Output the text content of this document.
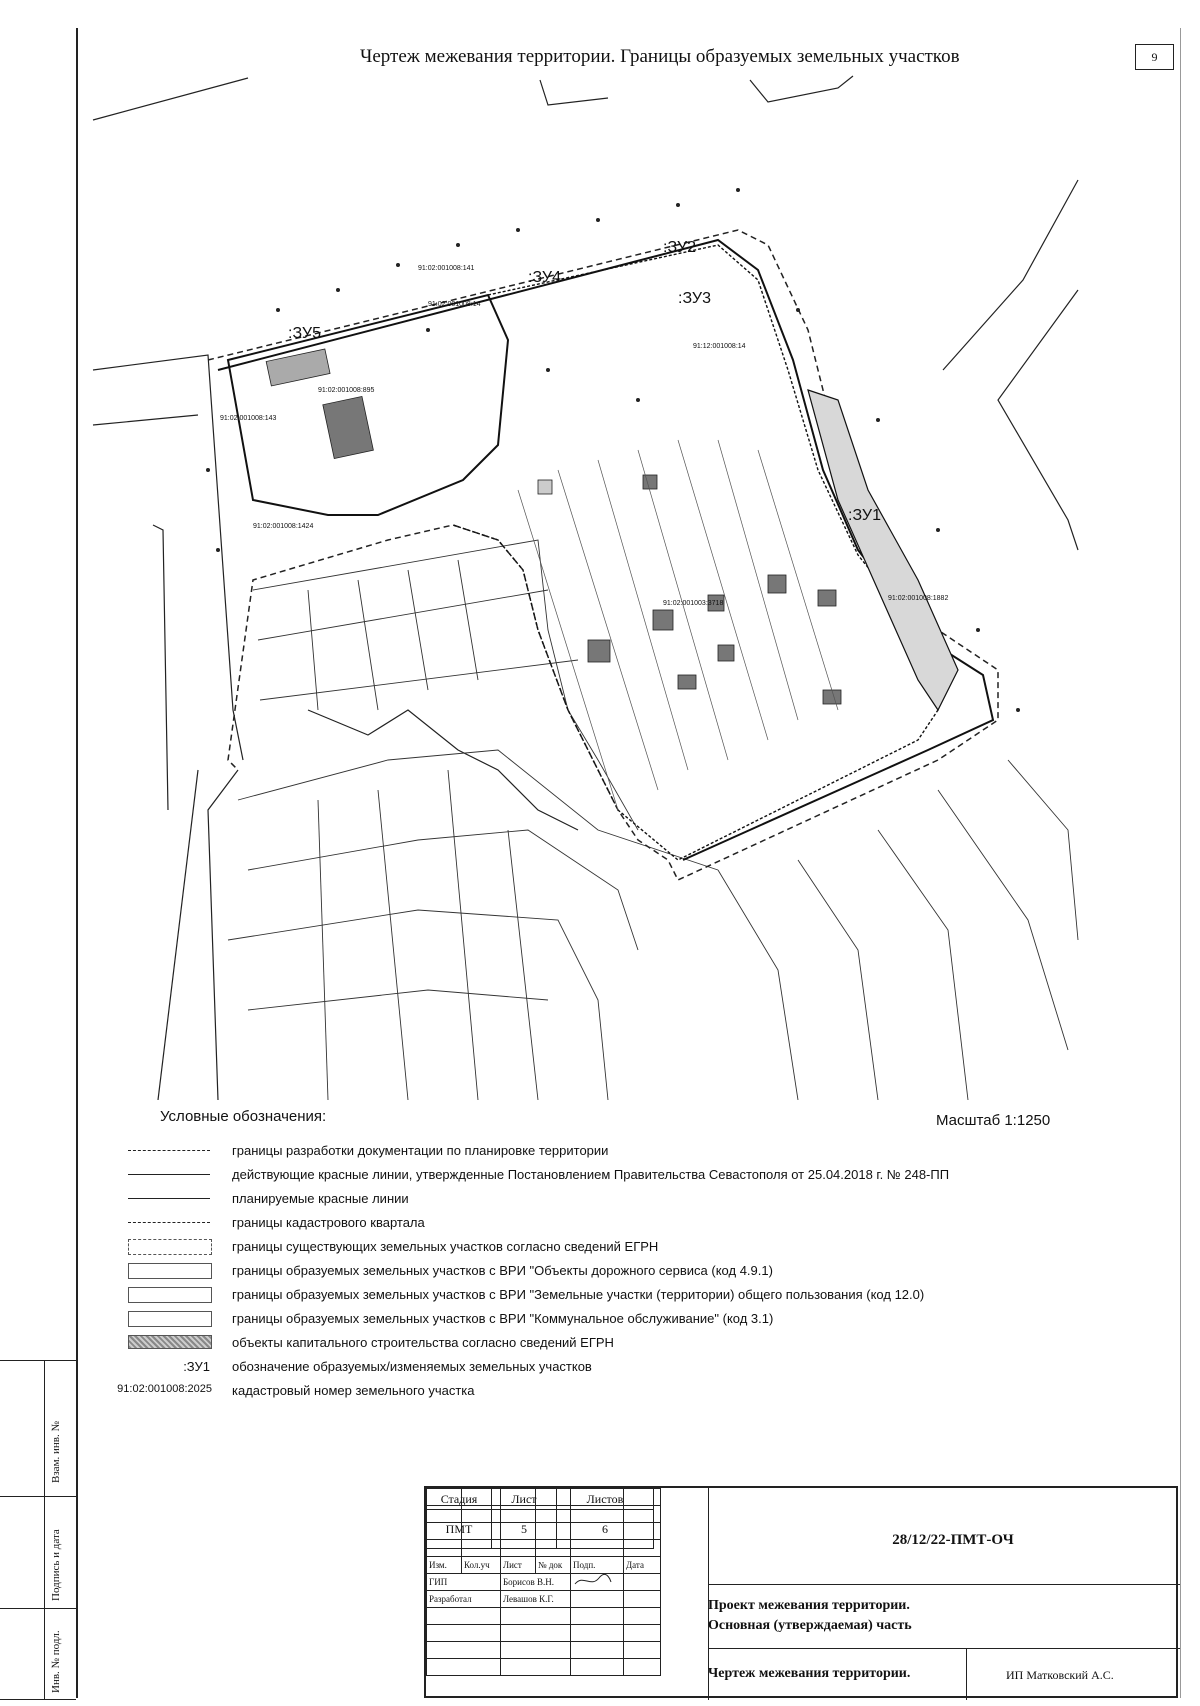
Чертеж межевания территории. Границы образуемых земельных участков	9
:ЗУ1
:ЗУ2
:ЗУ3
:ЗУ4
:ЗУ5
91:02:001008:141
91:02:001008:143
91:02:001003:3718
91:02:001008:1882
91:02:001008:1424
91:02:001008:895
91:02:001008:14
91:12:001008:14
Условные обозначения:	Масштаб 1:1250
границы разработки документации по планировке территории
действующие красные линии, утвержденные Постановлением Правительства Севастополя от 25.04.2018 г. № 248-ПП
планируемые красные линии
границы кадастрового квартала
границы существующих земельных участков согласно сведений ЕГРН
границы образуемых земельных участков с ВРИ "Объекты дорожного сервиса (код 4.9.1)
границы образуемых земельных участков с ВРИ "Земельные участки (территории) общего пользования (код 12.0)
границы образуемых земельных участков с ВРИ "Коммунальное обслуживание" (код 3.1)
объекты капитального строительства согласно сведений ЕГРН
:ЗУ1 обозначение образуемых/изменяемых земельных участков
91:02:001008:2025 кадастровый номер земельного участка
Взам. инв. №
Подпись и дата
Инв. № подл.

Изм.	Кол.уч	Лист	№ док	Подп.	Дата
ГИП		Борисов В.Н.		
Разработал		Левашов К.Г.			

28/12/22-ПМТ-ОЧ
Проект межевания территории.
Основная (утверждаемая) часть
Стадия	Лист	Листов
ПМТ	5	6
Чертеж межевания территории.	ИП Матковский А.С.
